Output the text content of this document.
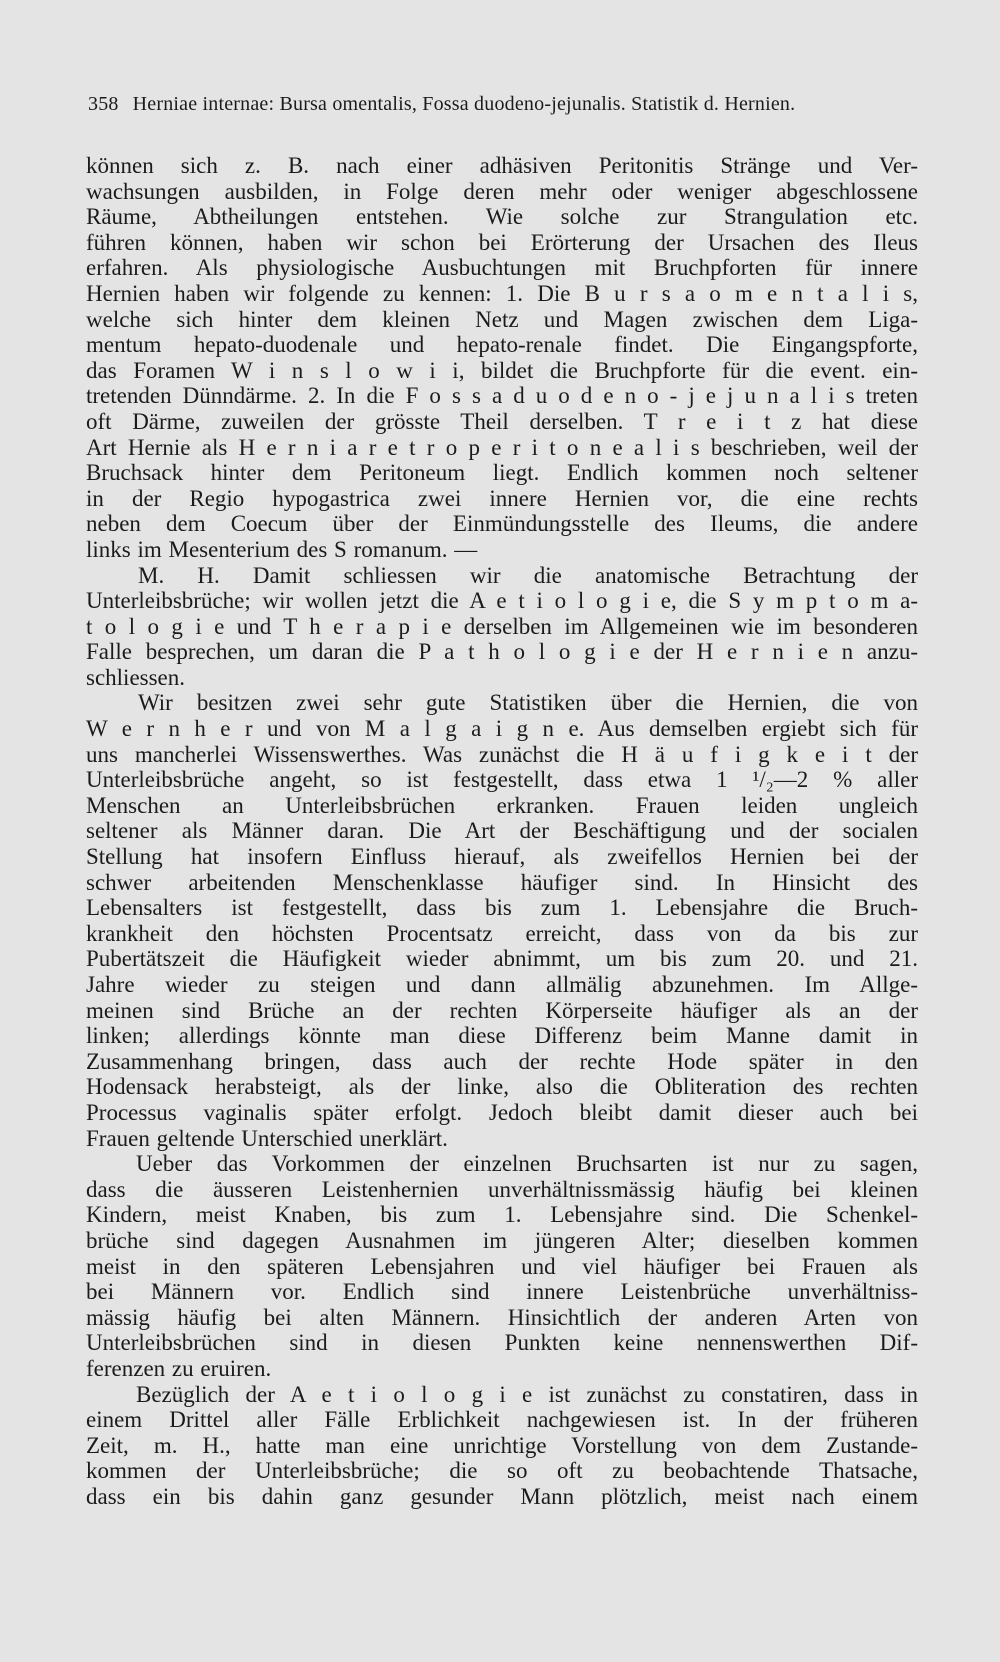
358 Herniae internae: Bursa omentalis, Fossa duodeno-jejunalis. Statistik d. Hernien.
können sich z. B. nach einer adhäsiven Peritonitis Stränge und Ver-
wachsungen ausbilden, in Folge deren mehr oder weniger abgeschlossene
Räume, Abtheilungen entstehen. Wie solche zur Strangulation etc.
führen können, haben wir schon bei Erörterung der Ursachen des Ileus
erfahren. Als physiologische Ausbuchtungen mit Bruchpforten für innere
Hernien haben wir folgende zu kennen: 1. Die B u r s a o m e n t a l i s,
welche sich hinter dem kleinen Netz und Magen zwischen dem Liga-
mentum hepato-duodenale und hepato-renale findet. Die Eingangspforte,
das Foramen W i n s l o w i i, bildet die Bruchpforte für die event. ein-
tretenden Dünndärme. 2. In die F o s s a d u o d e n o - j e j u n a l i s treten
oft Därme, zuweilen der grösste Theil derselben. T r e i t z hat diese
Art Hernie als H e r n i a r e t r o p e r i t o n e a l i s beschrieben, weil der
Bruchsack hinter dem Peritoneum liegt. Endlich kommen noch seltener
in der Regio hypogastrica zwei innere Hernien vor, die eine rechts
neben dem Coecum über der Einmündungsstelle des Ileums, die andere
links im Mesenterium des S romanum. —
M. H. Damit schliessen wir die anatomische Betrachtung der
Unterleibsbrüche; wir wollen jetzt die A e t i o l o g i e, die S y m p t o m a-
t o l o g i e und T h e r a p i e derselben im Allgemeinen wie im besonderen
Falle besprechen, um daran die P a t h o l o g i e der H e r n i e n anzu-
schliessen.
Wir besitzen zwei sehr gute Statistiken über die Hernien, die von
W e r n h e r und von M a l g a i g n e. Aus demselben ergiebt sich für
uns mancherlei Wissenswerthes. Was zunächst die H ä u f i g k e i t der
Unterleibsbrüche angeht, so ist festgestellt, dass etwa 1 ¹/₂—2 % aller
Menschen an Unterleibsbrüchen erkranken. Frauen leiden ungleich
seltener als Männer daran. Die Art der Beschäftigung und der socialen
Stellung hat insofern Einfluss hierauf, als zweifellos Hernien bei der
schwer arbeitenden Menschenklasse häufiger sind. In Hinsicht des
Lebensalters ist festgestellt, dass bis zum 1. Lebensjahre die Bruch-
krankheit den höchsten Procentsatz erreicht, dass von da bis zur
Pubertätszeit die Häufigkeit wieder abnimmt, um bis zum 20. und 21.
Jahre wieder zu steigen und dann allmälig abzunehmen. Im Allge-
meinen sind Brüche an der rechten Körperseite häufiger als an der
linken; allerdings könnte man diese Differenz beim Manne damit in
Zusammenhang bringen, dass auch der rechte Hode später in den
Hodensack herabsteigt, als der linke, also die Obliteration des rechten
Processus vaginalis später erfolgt. Jedoch bleibt damit dieser auch bei
Frauen geltende Unterschied unerklärt.
Ueber das Vorkommen der einzelnen Bruchsarten ist nur zu sagen,
dass die äusseren Leistenhernien unverhältnissmässig häufig bei kleinen
Kindern, meist Knaben, bis zum 1. Lebensjahre sind. Die Schenkel-
brüche sind dagegen Ausnahmen im jüngeren Alter; dieselben kommen
meist in den späteren Lebensjahren und viel häufiger bei Frauen als
bei Männern vor. Endlich sind innere Leistenbrüche unverhältniss-
mässig häufig bei alten Männern. Hinsichtlich der anderen Arten von
Unterleibsbrüchen sind in diesen Punkten keine nennenswerthen Dif-
ferenzen zu eruiren.
Bezüglich der A e t i o l o g i e ist zunächst zu constatiren, dass in
einem Drittel aller Fälle Erblichkeit nachgewiesen ist. In der früheren
Zeit, m. H., hatte man eine unrichtige Vorstellung von dem Zustande-
kommen der Unterleibsbrüche; die so oft zu beobachtende Thatsache,
dass ein bis dahin ganz gesunder Mann plötzlich, meist nach einem
